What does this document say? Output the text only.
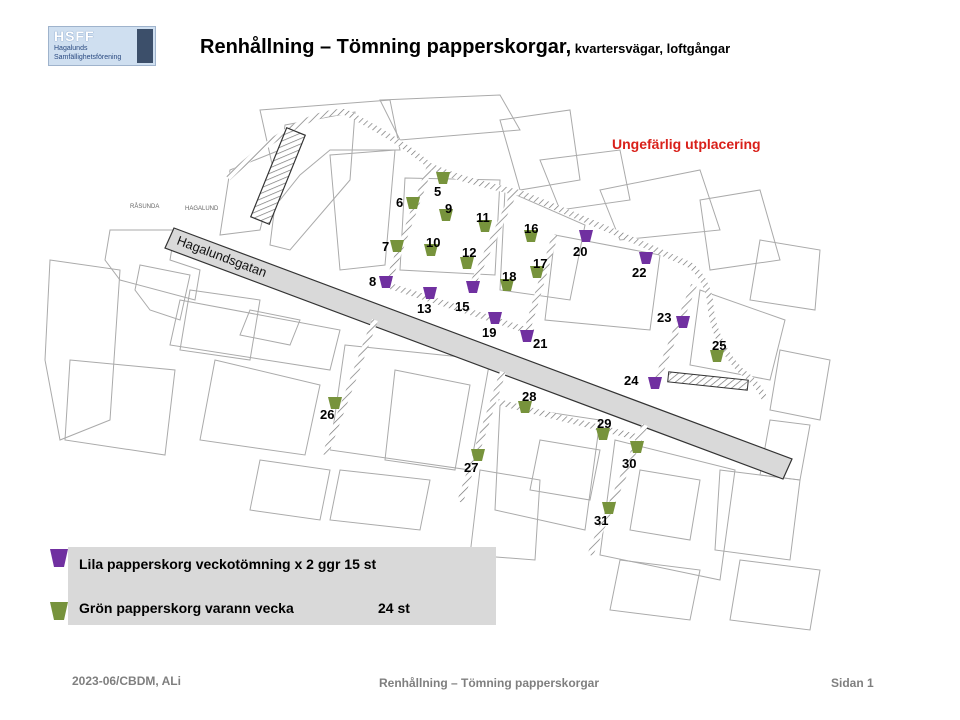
HSFF
Hagalunds
Samfällighetsförening	Renhållning – Tömning papperskorgar, kvartersvägar, loftgångar
RÅSUNDA	HAGALUND
Hagalundsgatan
5
6
7
8
9
10
11
12
13 15
16
17
18
19
20
21
22
23
24
25
26
27
28
29
30
31
Ungefärlig utplacering
Lila papperskorg veckotömning x 2 ggr 15 st
Grön papperskorg varann vecka	24 st
2023-06/CBDM, ALi	Renhållning – Tömning papperskorgar	Sidan 1
